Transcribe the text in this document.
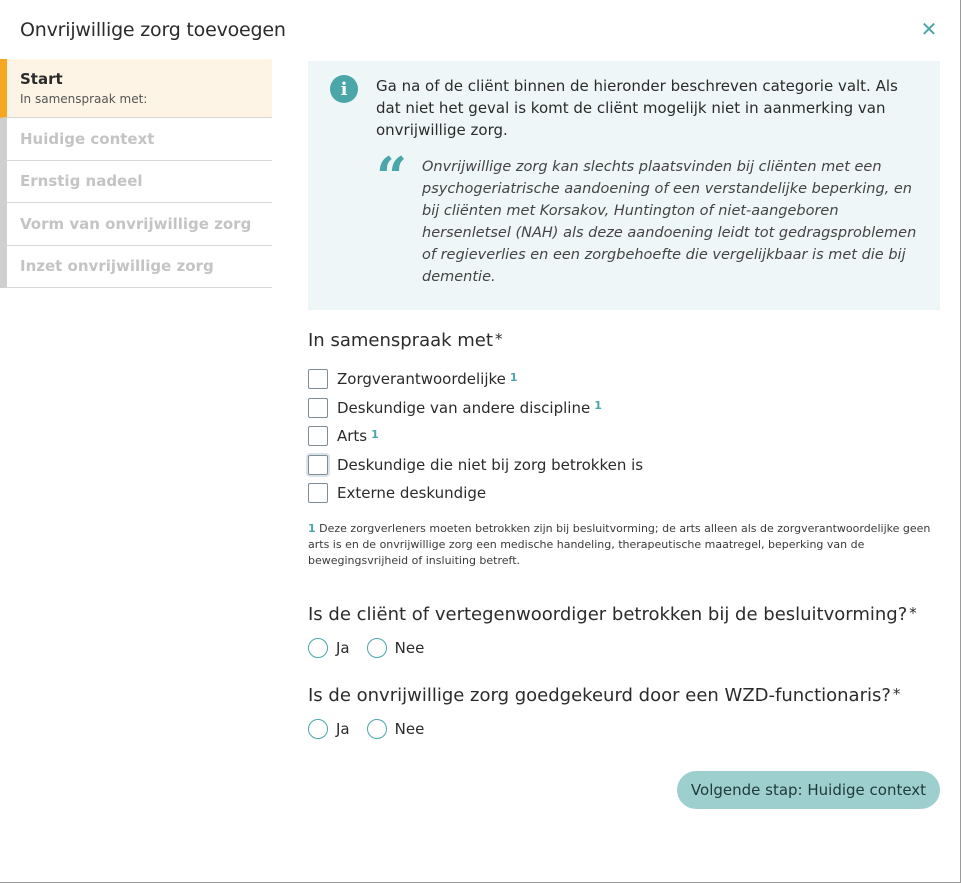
Onvrijwillige zorg toevoegen	✕
Start
In samenspraak met:
Huidige context
Ernstig nadeel
Vorm van onvrijwillige zorg
Inzet onvrijwillige zorg
i	Ga na of de cliënt binnen de hieronder beschreven categorie valt. Als dat niet het geval is komt de cliënt mogelijk niet in aanmerking van onvrijwillige zorg.
“ Onvrijwillige zorg kan slechts plaatsvinden bij cliënten met een psychogeriatrische aandoening of een verstandelijke beperking, en bij cliënten met Korsakov, Huntington of niet-aangeboren hersenletsel (NAH) als deze aandoening leidt tot gedragsproblemen of regieverlies en een zorgbehoefte die vergelijkbaar is met die bij dementie.
In samenspraak met *
Zorgverantwoordelijke 1
Deskundige van andere discipline 1
Arts 1
Deskundige die niet bij zorg betrokken is
Externe deskundige
1 Deze zorgverleners moeten betrokken zijn bij besluitvorming; de arts alleen als de zorgverantwoordelijke geen arts is en de onvrijwillige zorg een medische handeling, therapeutische maatregel, beperking van de bewegingsvrijheid of insluiting betreft.
Is de cliënt of vertegenwoordiger betrokken bij de besluitvorming? *
Ja	Nee
Is de onvrijwillige zorg goedgekeurd door een WZD-functionaris? *
Ja	Nee
Volgende stap: Huidige context
